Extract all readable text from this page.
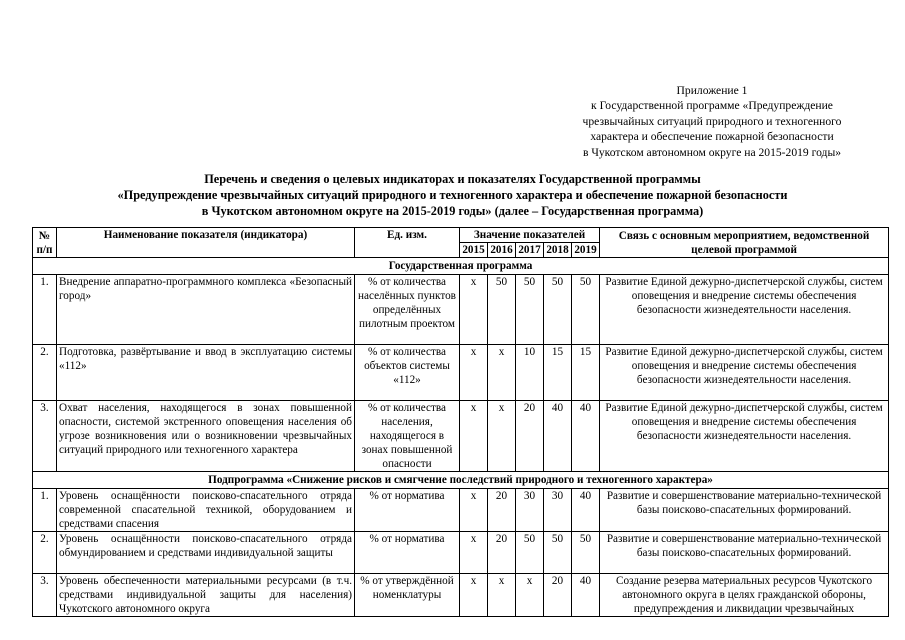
Приложение 1
к Государственной программе «Предупреждение
чрезвычайных ситуаций природного и техногенного
характера и обеспечение пожарной безопасности
в Чукотском автономном округе на 2015-2019 годы»
Перечень и сведения о целевых индикаторах и показателях Государственной программы
«Предупреждение чрезвычайных ситуаций природного и техногенного характера и обеспечение пожарной безопасности
в Чукотском автономном округе на 2015-2019 годы» (далее – Государственная программа)
№ п/п	Наименование показателя (индикатора)	Ед. изм.	Значение показателей					Связь с основным мероприятием, ведомственной целевой программой
			2015	2016	2017	2018	2019	
Государственная программа								
1.	Внедрение аппаратно-программного комплекса «Безопасный город»	% от количества населённых пунктов определённых пилотным проектом	х	50	50	50	50	Развитие Единой дежурно-диспетчерской службы, систем оповещения и внедрение системы обеспечения безопасности жизнедеятельности населения.
2.	Подготовка, развёртывание и ввод в эксплуатацию системы «112»	% от количества объектов системы «112»	х	х	10	15	15	Развитие Единой дежурно-диспетчерской службы, систем оповещения и внедрение системы обеспечения безопасности жизнедеятельности населения.
3.	Охват населения, находящегося в зонах повышенной опасности, системой экстренного оповещения населения об угрозе возникновения или о возникновении чрезвычайных ситуаций природного или техногенного характера	% от количества населения, находящегося в зонах повышенной опасности	х	х	20	40	40	Развитие Единой дежурно-диспетчерской службы, систем оповещения и внедрение системы обеспечения безопасности жизнедеятельности населения.
Подпрограмма «Снижение рисков и смягчение последствий природного и техногенного характера»								
1.	Уровень оснащённости поисково-спасательного отряда современной спасательной техникой, оборудованием и средствами спасения	% от норматива	х	20	30	30	40	Развитие и совершенствование материально-технической базы поисково-спасательных формирований.
2.	Уровень оснащённости поисково-спасательного отряда обмундированием и средствами индивидуальной защиты	% от норматива	х	20	50	50	50	Развитие и совершенствование материально-технической базы поисково-спасательных формирований.
3.	Уровень обеспеченности материальными ресурсами (в т.ч. средствами индивидуальной защиты для населения) Чукотского автономного округа	% от утверждённой номенклатуры	х	х	х	20	40	Создание резерва материальных ресурсов Чукотского автономного округа в целях гражданской обороны, предупреждения и ликвидации чрезвычайных
